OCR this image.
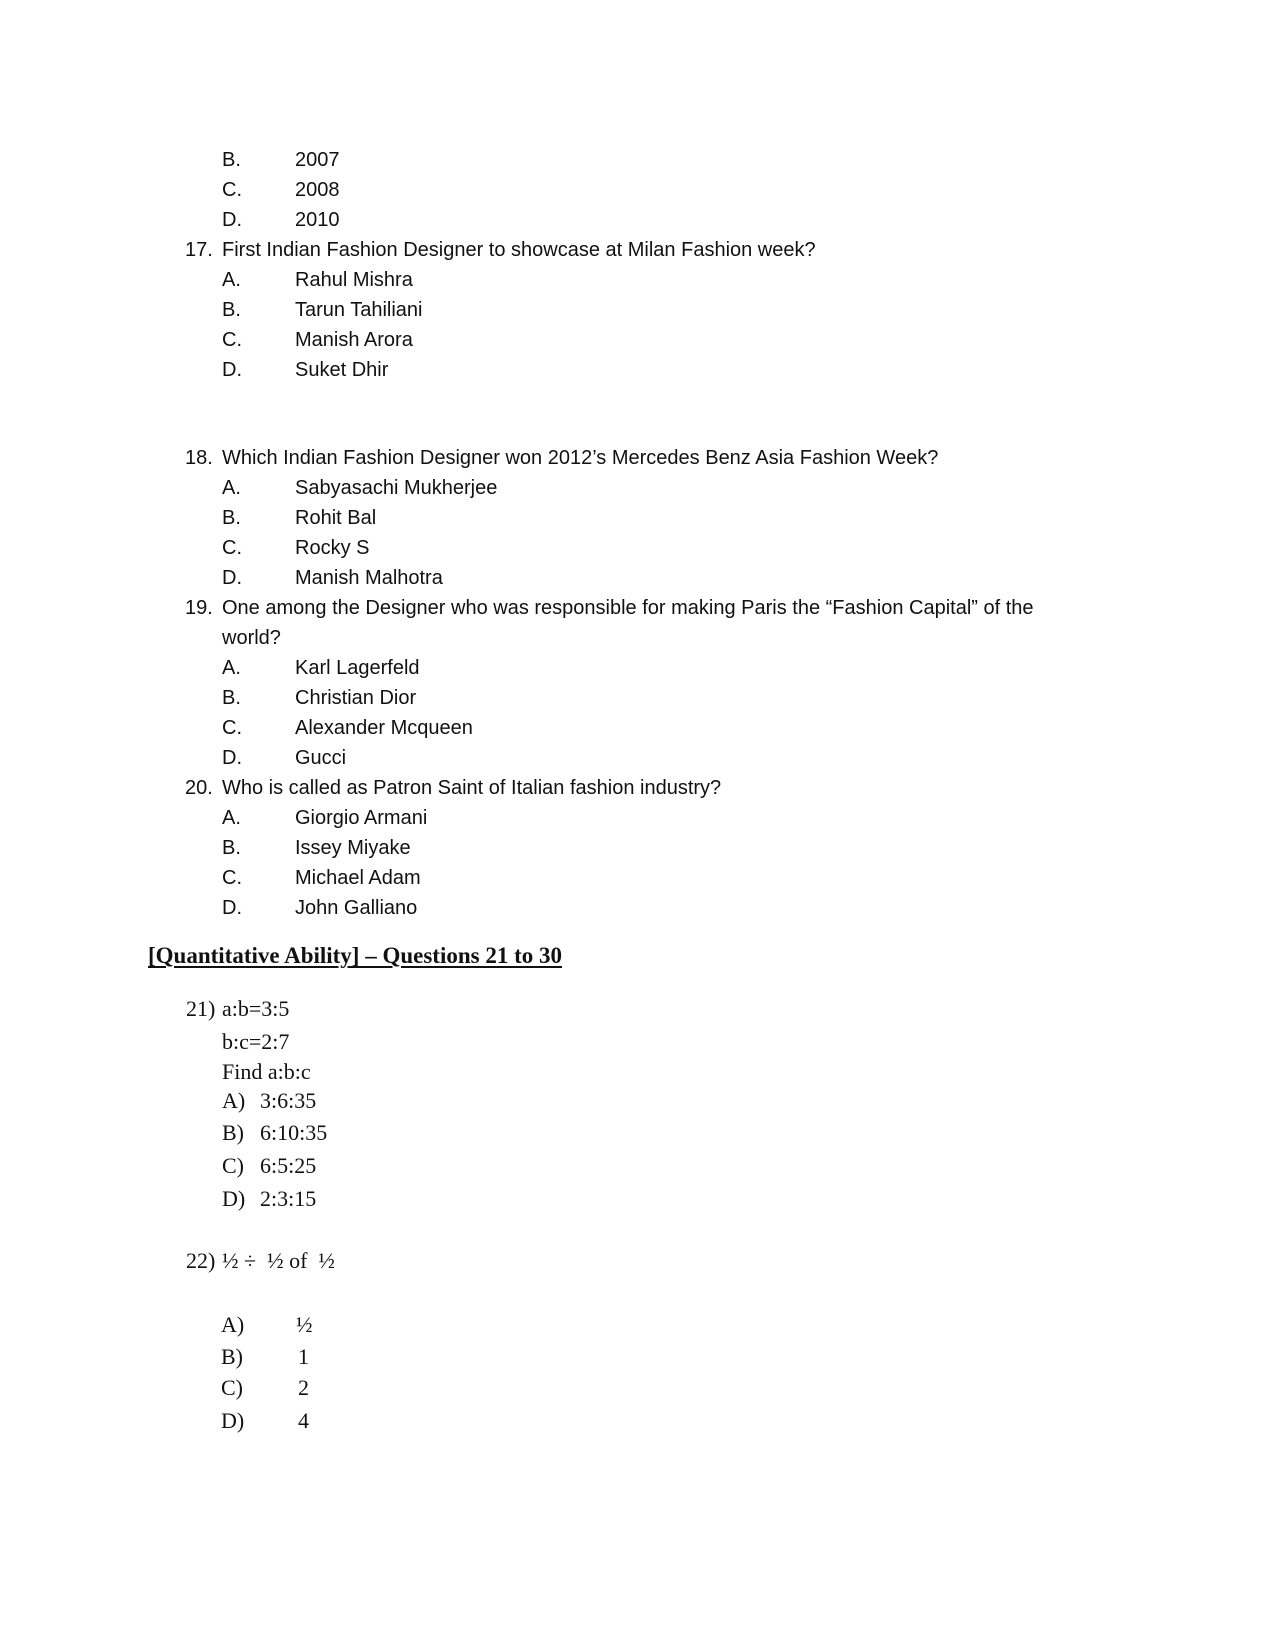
B.	2007
C.	2008
D.	2010
17. First Indian Fashion Designer to showcase at Milan Fashion week?
A.	Rahul Mishra
B.	Tarun Tahiliani
C.	Manish Arora
D.	Suket Dhir
18. Which Indian Fashion Designer won 2012’s Mercedes Benz Asia Fashion Week?
A.	Sabyasachi Mukherjee
B.	Rohit Bal
C.	Rocky S
D.	Manish Malhotra
19. One among the Designer who was responsible for making Paris the “Fashion Capital” of the
world?
A.	Karl Lagerfeld
B.	Christian Dior
C.	Alexander Mcqueen
D.	Gucci
20. Who is called as Patron Saint of Italian fashion industry?
A.	Giorgio Armani
B.	Issey Miyake
C.	Michael Adam
D.	John Galliano
[Quantitative Ability] – Questions 21 to 30
21) a:b=3:5
b:c=2:7
Find a:b:c
A) 3:6:35
B) 6:10:35
C) 6:5:25
D) 2:3:15
22) ½ ÷  ½ of  ½
A) ½
B)	1
C)	2
D) 4
